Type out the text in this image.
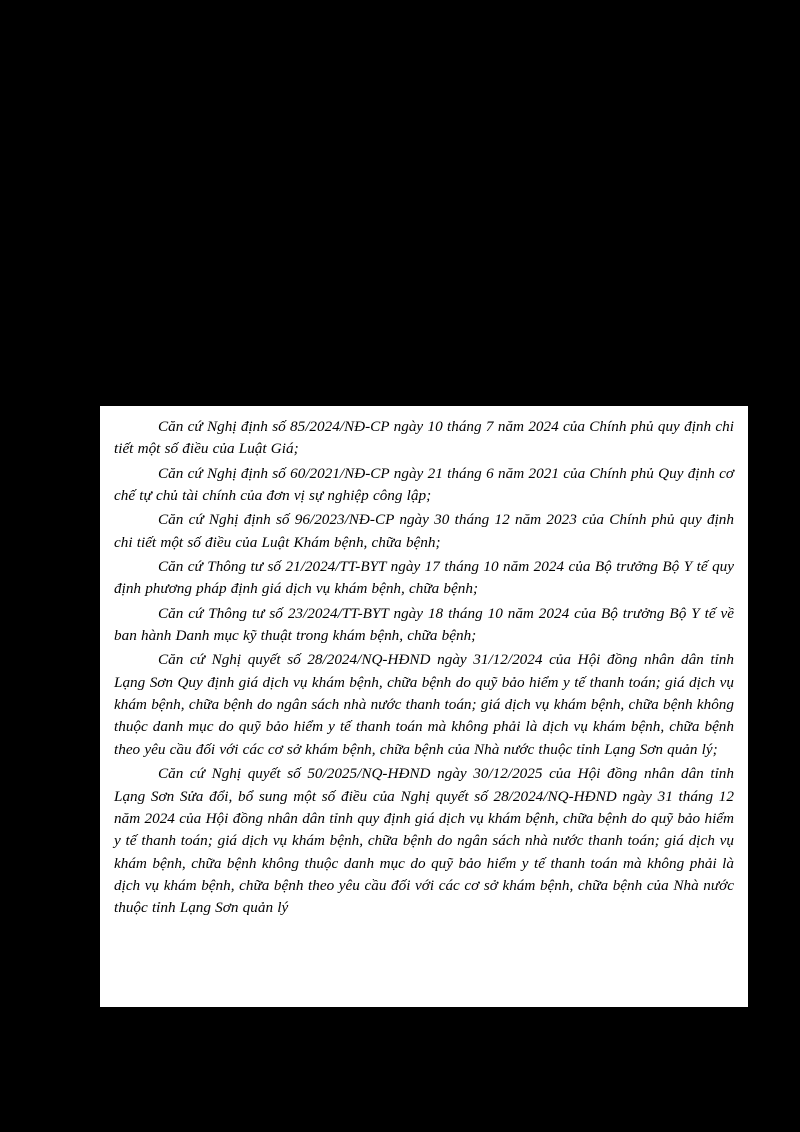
Căn cứ Nghị định số 85/2024/NĐ-CP ngày 10 tháng 7 năm 2024 của Chính phủ quy định chi tiết một số điều của Luật Giá;

Căn cứ Nghị định số 60/2021/NĐ-CP ngày 21 tháng 6 năm 2021 của Chính phủ Quy định cơ chế tự chủ tài chính của đơn vị sự nghiệp công lập;

Căn cứ Nghị định số 96/2023/NĐ-CP ngày 30 tháng 12 năm 2023 của Chính phủ quy định chi tiết một số điều của Luật Khám bệnh, chữa bệnh;

Căn cứ Thông tư số 21/2024/TT-BYT ngày 17 tháng 10 năm 2024 của Bộ trưởng Bộ Y tế quy định phương pháp định giá dịch vụ khám bệnh, chữa bệnh;

Căn cứ Thông tư số 23/2024/TT-BYT ngày 18 tháng 10 năm 2024 của Bộ trưởng Bộ Y tế về ban hành Danh mục kỹ thuật trong khám bệnh, chữa bệnh;

Căn cứ Nghị quyết số 28/2024/NQ-HĐND ngày 31/12/2024 của Hội đồng nhân dân tỉnh Lạng Sơn Quy định giá dịch vụ khám bệnh, chữa bệnh do quỹ bảo hiểm y tế thanh toán; giá dịch vụ khám bệnh, chữa bệnh do ngân sách nhà nước thanh toán; giá dịch vụ khám bệnh, chữa bệnh không thuộc danh mục do quỹ bảo hiểm y tế thanh toán mà không phải là dịch vụ khám bệnh, chữa bệnh theo yêu cầu đối với các cơ sở khám bệnh, chữa bệnh của Nhà nước thuộc tỉnh Lạng Sơn quản lý;

Căn cứ Nghị quyết số 50/2025/NQ-HĐND ngày 30/12/2025 của Hội đồng nhân dân tỉnh Lạng Sơn Sửa đổi, bổ sung một số điều của Nghị quyết số 28/2024/NQ-HĐND ngày 31 tháng 12 năm 2024 của Hội đồng nhân dân tỉnh quy định giá dịch vụ khám bệnh, chữa bệnh do quỹ bảo hiểm y tế thanh toán; giá dịch vụ khám bệnh, chữa bệnh do ngân sách nhà nước thanh toán; giá dịch vụ khám bệnh, chữa bệnh không thuộc danh mục do quỹ bảo hiểm y tế thanh toán mà không phải là dịch vụ khám bệnh, chữa bệnh theo yêu cầu đối với các cơ sở khám bệnh, chữa bệnh của Nhà nước thuộc tỉnh Lạng Sơn quản lý
